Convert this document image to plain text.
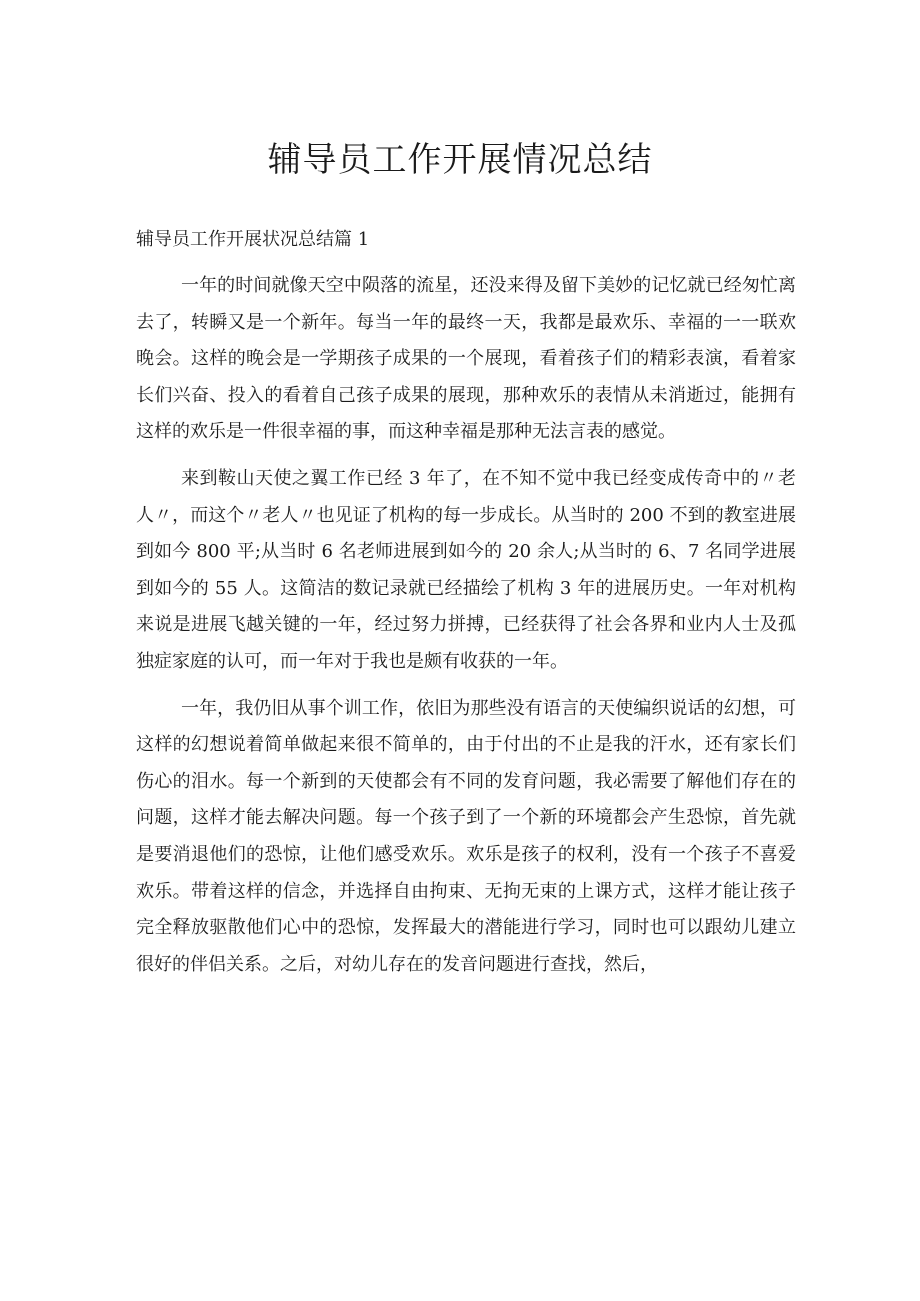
辅导员工作开展情况总结
辅导员工作开展状况总结篇 1

一年的时间就像天空中陨落的流星，还没来得及留下美妙的记忆就已经匆忙离去了，转瞬又是一个新年。每当一年的最终一天，我都是最欢乐、幸福的一一联欢晚会。这样的晚会是一学期孩子成果的一个展现，看着孩子们的精彩表演，看着家长们兴奋、投入的看着自己孩子成果的展现，那种欢乐的表情从未消逝过，能拥有这样的欢乐是一件很幸福的事，而这种幸福是那种无法言表的感觉。

来到鞍山天使之翼工作已经 3 年了，在不知不觉中我已经变成传奇中的〃老人〃，而这个〃老人〃也见证了机构的每一步成长。从当时的 200 不到的教室进展到如今 800 平;从当时 6 名老师进展到如今的 20 余人;从当时的 6、7 名同学进展到如今的 55 人。这简洁的数记录就已经描绘了机构 3 年的进展历史。一年对机构来说是进展飞越关键的一年，经过努力拼搏，已经获得了社会各界和业内人士及孤独症家庭的认可，而一年对于我也是颇有收获的一年。

一年，我仍旧从事个训工作，依旧为那些没有语言的天使编织说话的幻想，可这样的幻想说着简单做起来很不简单的，由于付出的不止是我的汗水，还有家长们伤心的泪水。每一个新到的天使都会有不同的发育问题，我必需要了解他们存在的问题，这样才能去解决问题。每一个孩子到了一个新的环境都会产生恐惊，首先就是要消退他们的恐惊，让他们感受欢乐。欢乐是孩子的权利，没有一个孩子不喜爱欢乐。带着这样的信念，并选择自由拘束、无拘无束的上课方式，这样才能让孩子完全释放驱散他们心中的恐惊，发挥最大的潜能进行学习，同时也可以跟幼儿建立很好的伴侣关系。之后，对幼儿存在的发音问题进行查找，然后，
